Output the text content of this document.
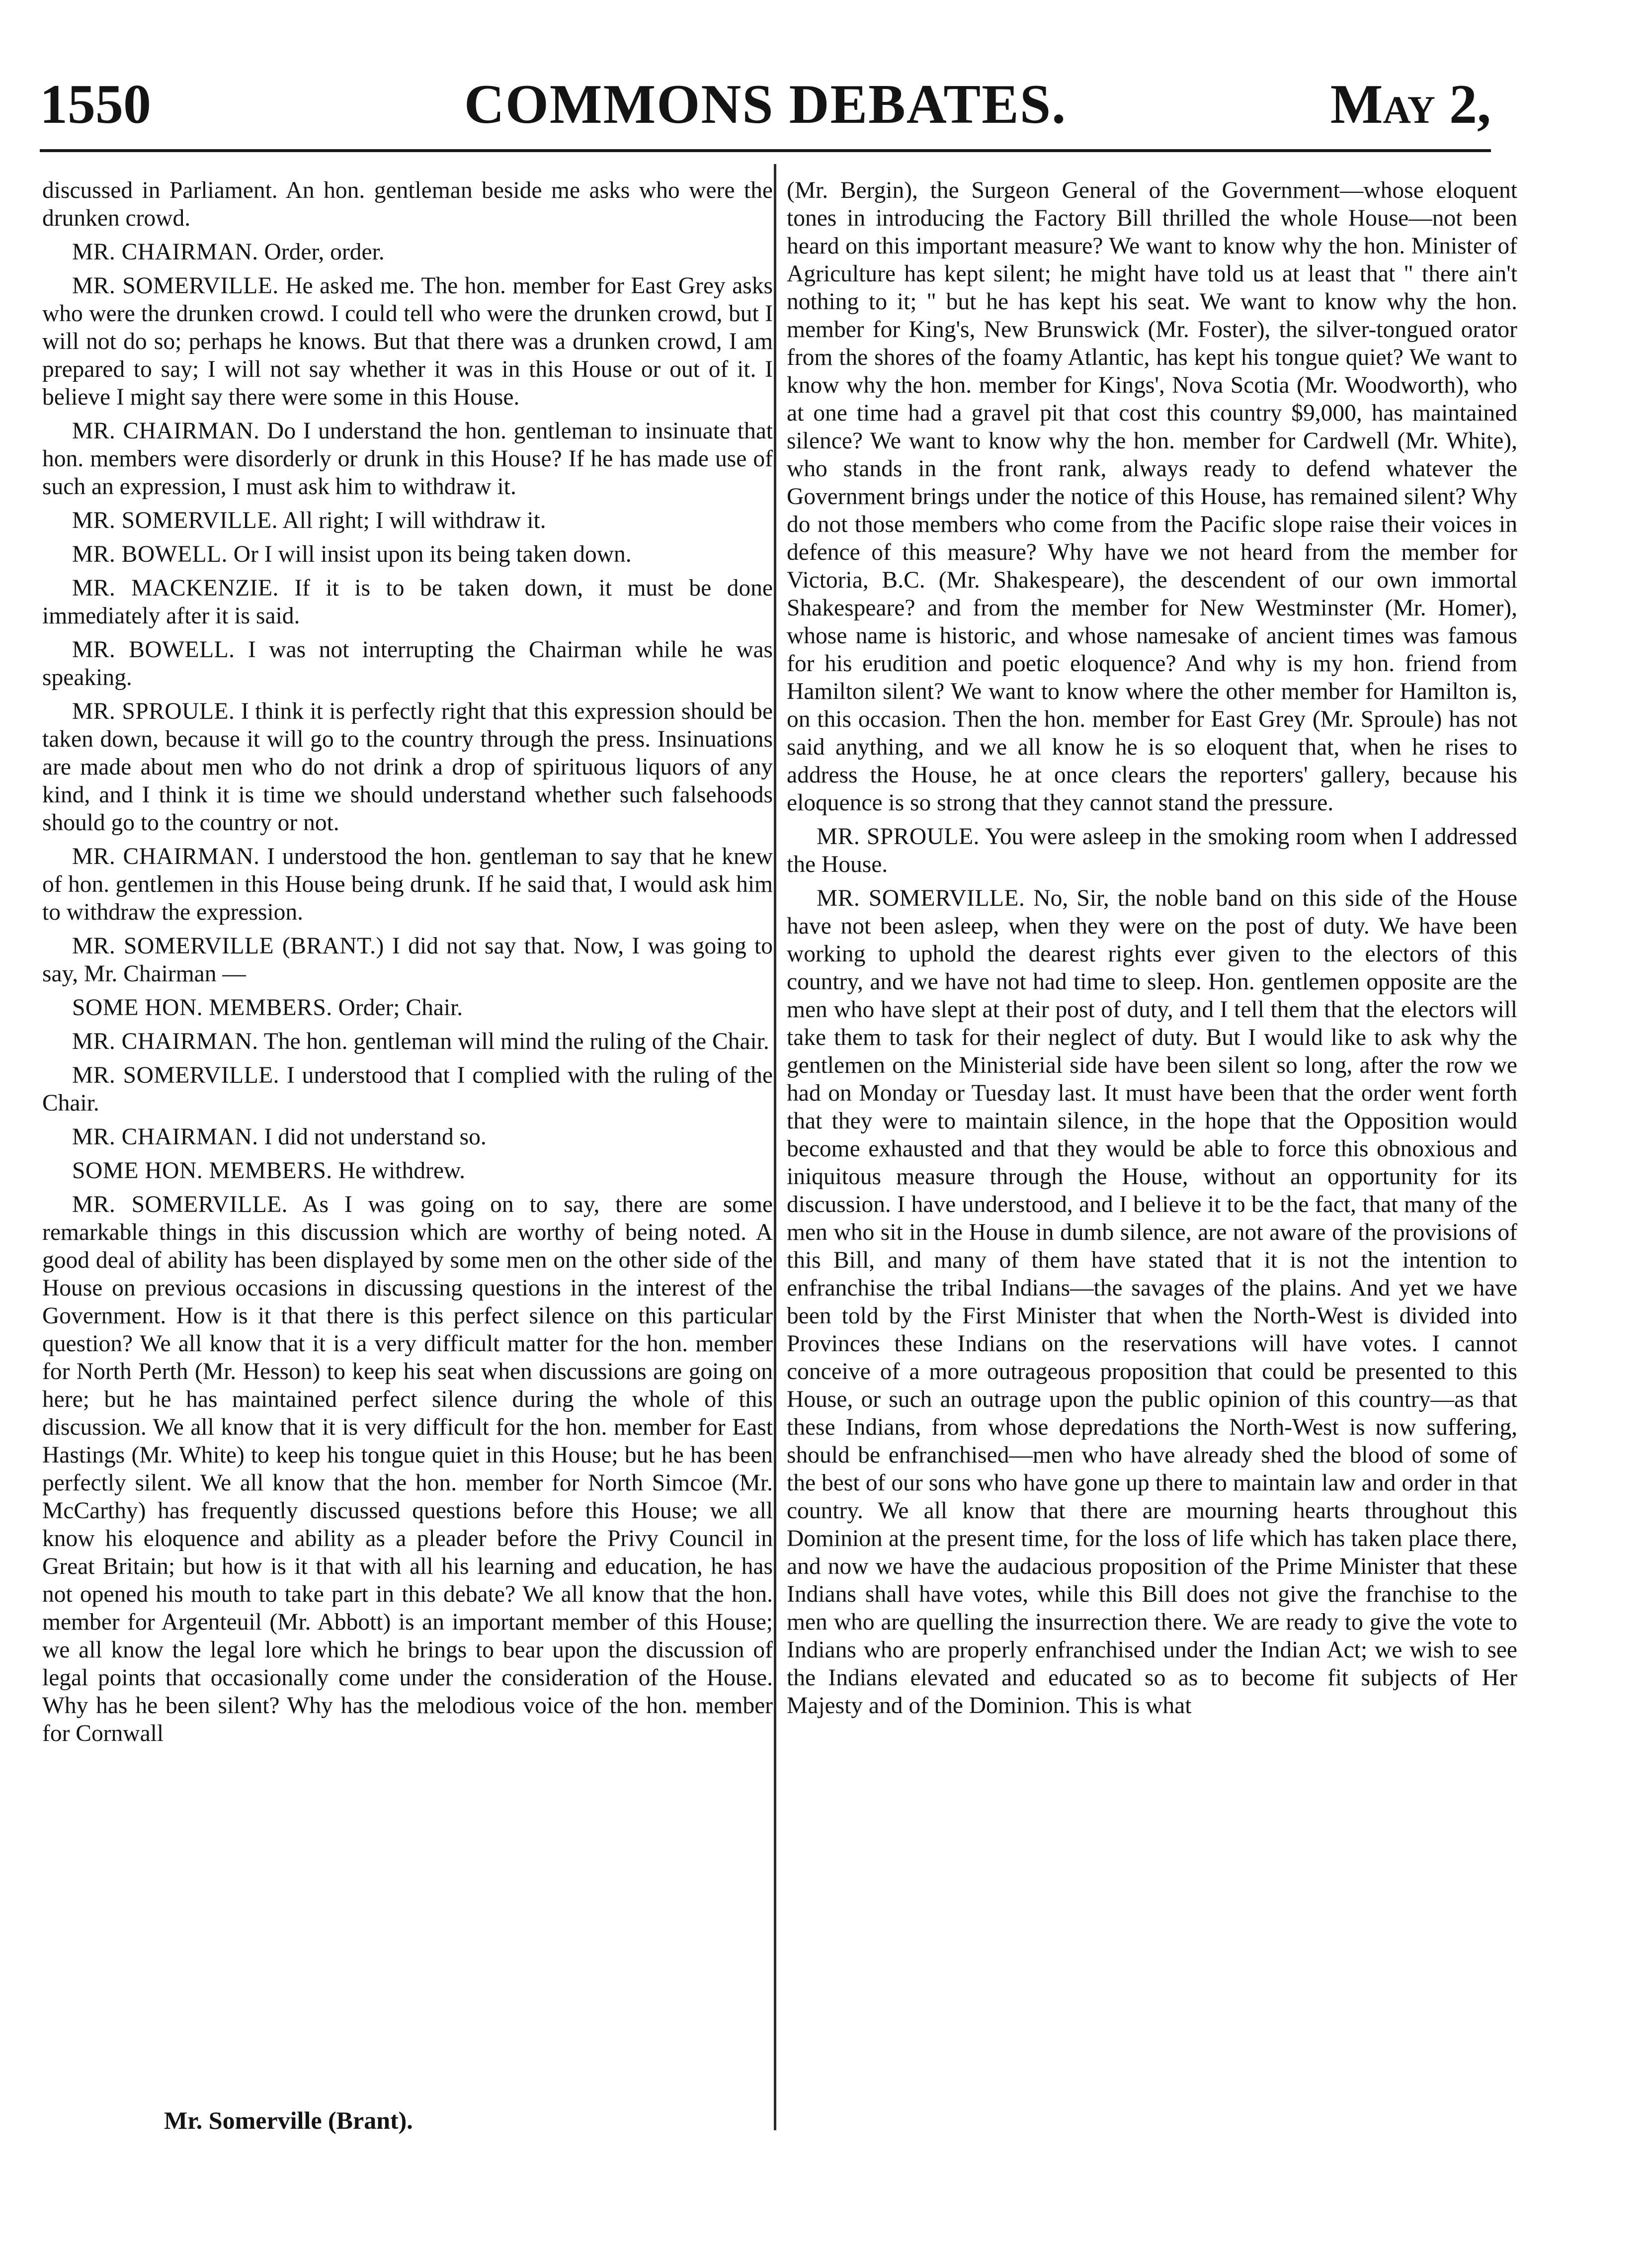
1550	COMMONS DEBATES.	May 2,

discussed in Parliament. An hon. gentleman beside me asks who were the drunken crowd.

MR. CHAIRMAN. Order, order.

MR. SOMERVILLE. He asked me. The hon. member for East Grey asks who were the drunken crowd. I could tell who were the drunken crowd, but I will not do so; perhaps he knows. But that there was a drunken crowd, I am prepared to say; I will not say whether it was in this House or out of it. I believe I might say there were some in this House.

MR. CHAIRMAN. Do I understand the hon. gentleman to insinuate that hon. members were disorderly or drunk in this House? If he has made use of such an expression, I must ask him to withdraw it.

MR. SOMERVILLE. All right; I will withdraw it.

MR. BOWELL. Or I will insist upon its being taken down.

MR. MACKENZIE. If it is to be taken down, it must be done immediately after it is said.

MR. BOWELL. I was not interrupting the Chairman while he was speaking.

MR. SPROULE. I think it is perfectly right that this expression should be taken down, because it will go to the country through the press. Insinuations are made about men who do not drink a drop of spirituous liquors of any kind, and I think it is time we should understand whether such falsehoods should go to the country or not.

MR. CHAIRMAN. I understood the hon. gentleman to say that he knew of hon. gentlemen in this House being drunk. If he said that, I would ask him to withdraw the expression.

MR. SOMERVILLE (BRANT.) I did not say that. Now, I was going to say, Mr. Chairman —

SOME HON. MEMBERS. Order; Chair.

MR. CHAIRMAN. The hon. gentleman will mind the ruling of the Chair.

MR. SOMERVILLE. I understood that I complied with the ruling of the Chair.

MR. CHAIRMAN. I did not understand so.

SOME HON. MEMBERS. He withdrew.

MR. SOMERVILLE. As I was going on to say, there are some remarkable things in this discussion which are worthy of being noted. A good deal of ability has been displayed by some men on the other side of the House on previous occasions in discussing questions in the interest of the Government. How is it that there is this perfect silence on this particular question? We all know that it is a very difficult matter for the hon. member for North Perth (Mr. Hesson) to keep his seat when discussions are going on here; but he has maintained perfect silence during the whole of this discussion. We all know that it is very difficult for the hon. member for East Hastings (Mr. White) to keep his tongue quiet in this House; but he has been perfectly silent. We all know that the hon. member for North Simcoe (Mr. McCarthy) has frequently discussed questions before this House; we all know his eloquence and ability as a pleader before the Privy Council in Great Britain; but how is it that with all his learning and education, he has not opened his mouth to take part in this debate? We all know that the hon. member for Argenteuil (Mr. Abbott) is an important member of this House; we all know the legal lore which he brings to bear upon the discussion of legal points that occasionally come under the consideration of the House. Why has he been silent? Why has the melodious voice of the hon. member for Cornwall

(Mr. Bergin), the Surgeon General of the Government—whose eloquent tones in introducing the Factory Bill thrilled the whole House—not been heard on this important measure? We want to know why the hon. Minister of Agriculture has kept silent; he might have told us at least that " there ain't nothing to it; " but he has kept his seat. We want to know why the hon. member for King's, New Brunswick (Mr. Foster), the silver-tongued orator from the shores of the foamy Atlantic, has kept his tongue quiet? We want to know why the hon. member for Kings', Nova Scotia (Mr. Woodworth), who at one time had a gravel pit that cost this country $9,000, has maintained silence? We want to know why the hon. member for Cardwell (Mr. White), who stands in the front rank, always ready to defend whatever the Government brings under the notice of this House, has remained silent? Why do not those members who come from the Pacific slope raise their voices in defence of this measure? Why have we not heard from the member for Victoria, B.C. (Mr. Shakespeare), the descendent of our own immortal Shakespeare? and from the member for New Westminster (Mr. Homer), whose name is historic, and whose namesake of ancient times was famous for his erudition and poetic eloquence? And why is my hon. friend from Hamilton silent? We want to know where the other member for Hamilton is, on this occasion. Then the hon. member for East Grey (Mr. Sproule) has not said anything, and we all know he is so eloquent that, when he rises to address the House, he at once clears the reporters' gallery, because his eloquence is so strong that they cannot stand the pressure.

MR. SPROULE. You were asleep in the smoking room when I addressed the House.

MR. SOMERVILLE. No, Sir, the noble band on this side of the House have not been asleep, when they were on the post of duty. We have been working to uphold the dearest rights ever given to the electors of this country, and we have not had time to sleep. Hon. gentlemen opposite are the men who have slept at their post of duty, and I tell them that the electors will take them to task for their neglect of duty. But I would like to ask why the gentlemen on the Ministerial side have been silent so long, after the row we had on Monday or Tuesday last. It must have been that the order went forth that they were to maintain silence, in the hope that the Opposition would become exhausted and that they would be able to force this obnoxious and iniquitous measure through the House, without an opportunity for its discussion. I have understood, and I believe it to be the fact, that many of the men who sit in the House in dumb silence, are not aware of the provisions of this Bill, and many of them have stated that it is not the intention to enfranchise the tribal Indians—the savages of the plains. And yet we have been told by the First Minister that when the North-West is divided into Provinces these Indians on the reservations will have votes. I cannot conceive of a more outrageous proposition that could be presented to this House, or such an outrage upon the public opinion of this country—as that these Indians, from whose depredations the North-West is now suffering, should be enfranchised—men who have already shed the blood of some of the best of our sons who have gone up there to maintain law and order in that country. We all know that there are mourning hearts throughout this Dominion at the present time, for the loss of life which has taken place there, and now we have the audacious proposition of the Prime Minister that these Indians shall have votes, while this Bill does not give the franchise to the men who are quelling the insurrection there. We are ready to give the vote to Indians who are properly enfranchised under the Indian Act; we wish to see the Indians elevated and educated so as to become fit subjects of Her Majesty and of the Dominion. This is what

Mr. Somerville (Brant).
